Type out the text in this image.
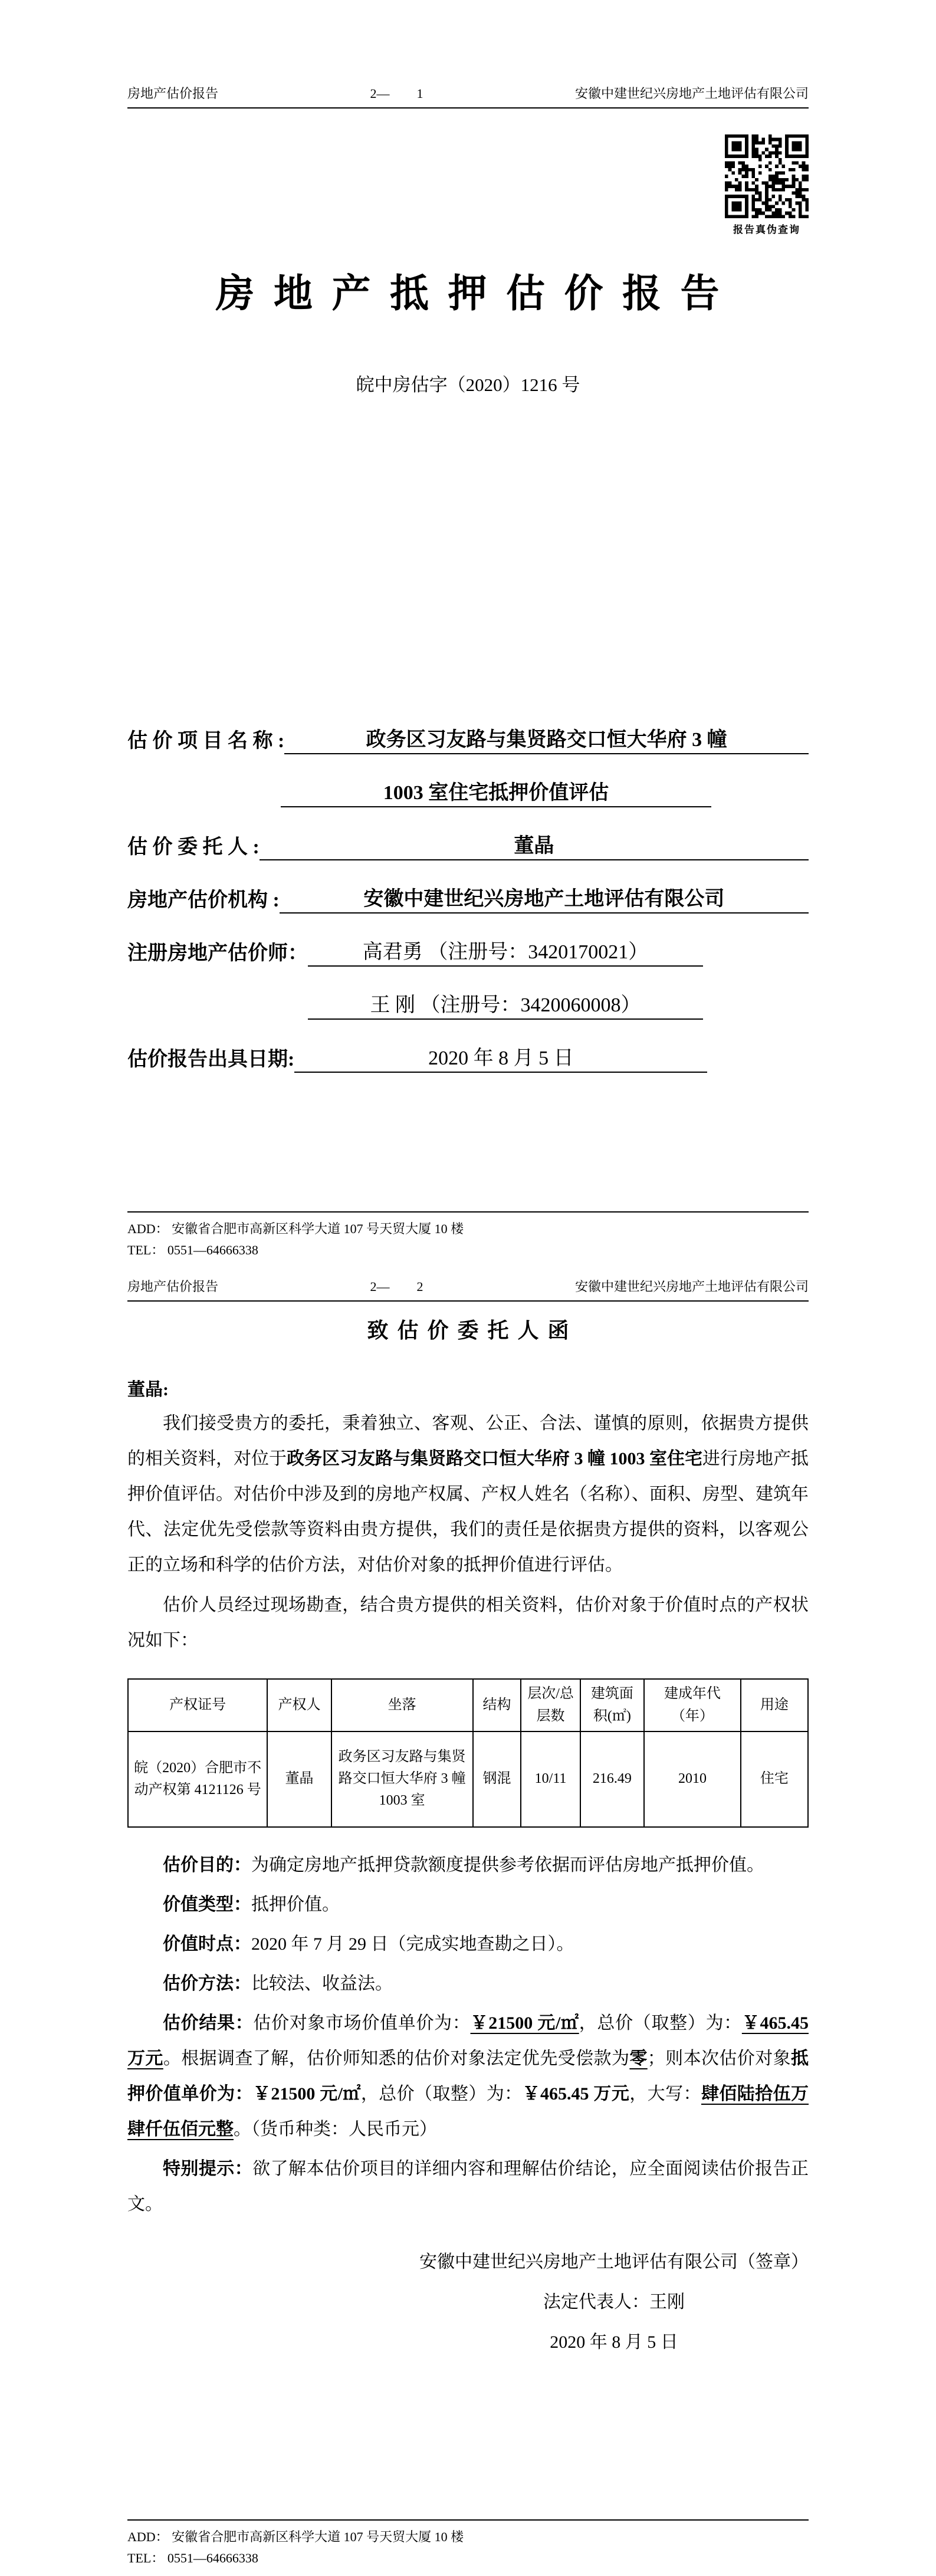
房地产估价报告	2— 1	安徽中建世纪兴房地产土地评估有限公司
报告真伪查询
房 地 产 抵 押 估 价 报 告
皖中房估字（2020）1216 号
估 价 项 目 名 称 :	政务区习友路与集贤路交口恒大华府 3 幢
1003 室住宅抵押价值评估
估 价 委 托 人 :	董晶
房地产估价机构 :	安徽中建世纪兴房地产土地评估有限公司
注册房地产估价师：	高君勇 （注册号：3420170021）
王 刚 （注册号：3420060008）
估价报告出具日期:	2020 年 8 月 5 日
ADD： 安徽省合肥市高新区科学大道 107 号天贸大厦 10 楼
TEL： 0551—64666338
房地产估价报告	2— 2	安徽中建世纪兴房地产土地评估有限公司
致 估 价 委 托 人 函
董晶:

我们接受贵方的委托，秉着独立、客观、公正、合法、谨慎的原则，依据贵方提供的相关资料，对位于政务区习友路与集贤路交口恒大华府 3 幢 1003 室住宅进行房地产抵押价值评估。对估价中涉及到的房地产权属、产权人姓名（名称）、面积、房型、建筑年代、法定优先受偿款等资料由贵方提供，我们的责任是依据贵方提供的资料，以客观公正的立场和科学的估价方法，对估价对象的抵押价值进行评估。

估价人员经过现场勘查，结合贵方提供的相关资料，估价对象于价值时点的产权状况如下：

产权证号	产权人	坐落	结构	层次/总层数	建筑面积(㎡)	建成年代（年）	用途
皖（2020）合肥市不动产权第 4121126 号	董晶	政务区习友路与集贤路交口恒大华府 3 幢 1003 室	钢混	10/11	216.49	2010	住宅

估价目的：为确定房地产抵押贷款额度提供参考依据而评估房地产抵押价值。

价值类型：抵押价值。

价值时点：2020 年 7 月 29 日（完成实地查勘之日）。

估价方法：比较法、收益法。

估价结果：估价对象市场价值单价为：￥21500 元/㎡，总价（取整）为：￥465.45 万元。根据调查了解，估价师知悉的估价对象法定优先受偿款为零；则本次估价对象抵押价值单价为：￥21500 元/㎡，总价（取整）为：￥465.45 万元，大写：肆佰陆拾伍万肆仟伍佰元整。（货币种类：人民币元）

特别提示：欲了解本估价项目的详细内容和理解估价结论，应全面阅读估价报告正文。

安徽中建世纪兴房地产土地评估有限公司（签章）
法定代表人：王刚
2020 年 8 月 5 日
ADD： 安徽省合肥市高新区科学大道 107 号天贸大厦 10 楼
TEL： 0551—64666338
